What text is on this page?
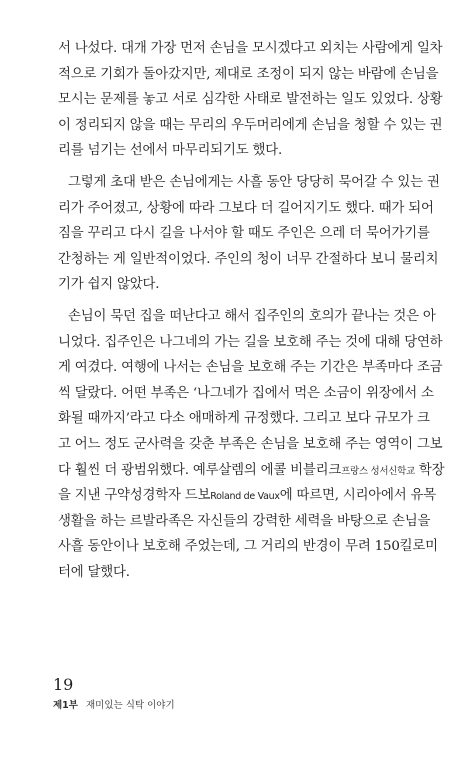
서 나섰다. 대개 가장 먼저 손님을 모시겠다고 외치는 사람에게 일차
적으로 기회가 돌아갔지만, 제대로 조정이 되지 않는 바람에 손님을
모시는 문제를 놓고 서로 심각한 사태로 발전하는 일도 있었다. 상황
이 정리되지 않을 때는 무리의 우두머리에게 손님을 청할 수 있는 권
리를 넘기는 선에서 마무리되기도 했다.
그렇게 초대 받은 손님에게는 사흘 동안 당당히 묵어갈 수 있는 권
리가 주어졌고, 상황에 따라 그보다 더 길어지기도 했다. 때가 되어
짐을 꾸리고 다시 길을 나서야 할 때도 주인은 으레 더 묵어가기를
간청하는 게 일반적이었다. 주인의 청이 너무 간절하다 보니 물리치
기가 쉽지 않았다.
손님이 묵던 집을 떠난다고 해서 집주인의 호의가 끝나는 것은 아
니었다. 집주인은 나그네의 가는 길을 보호해 주는 것에 대해 당연하
게 여겼다. 여행에 나서는 손님을 보호해 주는 기간은 부족마다 조금
씩 달랐다. 어떤 부족은 ‘나그네가 집에서 먹은 소금이 위장에서 소
화될 때까지’라고 다소 애매하게 규정했다. 그리고 보다 규모가 크
고 어느 정도 군사력을 갖춘 부족은 손님을 보호해 주는 영역이 그보
다 훨씬 더 광범위했다. 예루살렘의 에콜 비블리크프랑스 성서신학교 학장
을 지낸 구약성경학자 드보Roland de Vaux에 따르면, 시리아에서 유목
생활을 하는 르발라족은 자신들의 강력한 세력을 바탕으로 손님을
사흘 동안이나 보호해 주었는데, 그 거리의 반경이 무려 150킬로미
터에 달했다.
19
제1부 재미있는 식탁 이야기
